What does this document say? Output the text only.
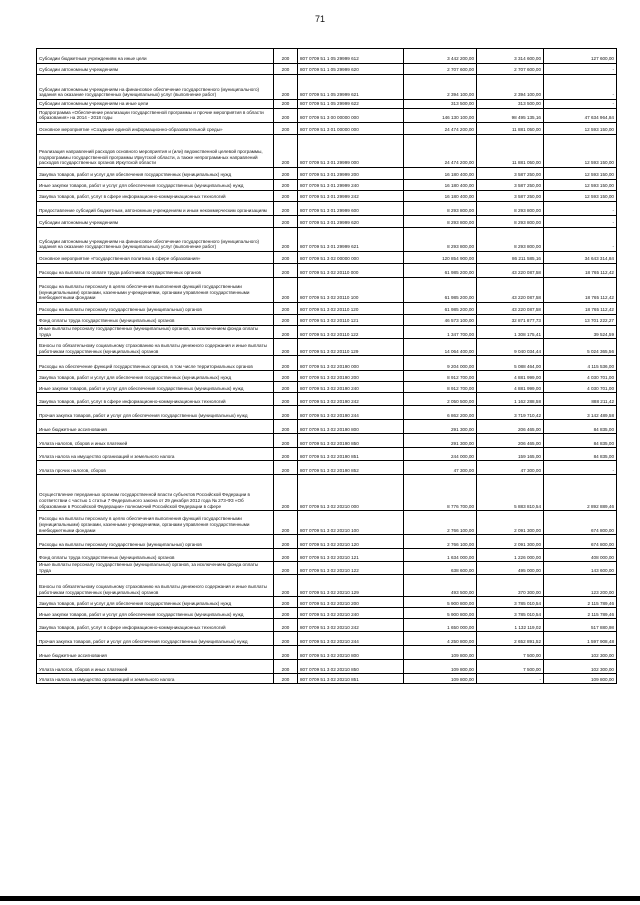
71
Субсидии бюджетным учреждениям на иные цели	200	807 0709 51 1 05 29999 612	3 442 200,00	3 314 600,00	127 600,00
Субсидии автономным учреждениям	200	807 0709 51 1 05 29999 620	2 707 600,00	2 707 600,00	-
Субсидии автономным учреждениям на финансовое обеспечение государственного (муниципального) задания на оказание государственных (муниципальных) услуг (выполнение работ)	200	807 0709 51 1 05 29999 621	2 394 100,00	2 394 100,00	-
Субсидии автономным учреждениям на иные цели	200	807 0709 51 1 05 29999 622	313 500,00	313 500,00	-
Подпрограмма «Обеспечение реализации государственной программы и прочие мероприятия в области образования» на 2014 - 2018 годы	200	807 0709 51 3 00 00000 000	146 130 100,00	98 495 135,16	47 634 964,84
Основное мероприятие «Создание единой информационно-образовательной среды»	200	807 0709 51 3 01 00000 000	24 474 200,00	11 881 050,00	12 593 150,00
Реализация направлений расходов основного мероприятия и (или) ведомственной целевой программы, подпрограммы государственной программы Иркутской области, а также непрограммных направлений расходов государственных органов Иркутской области	200	807 0709 51 3 01 29999 000	24 474 200,00	11 881 050,00	12 593 150,00
Закупка товаров, работ и услуг для обеспечения государственных (муниципальных) нужд	200	807 0709 51 3 01 29999 200	16 180 400,00	3 587 250,00	12 593 150,00
Иные закупки товаров, работ и услуг для обеспечения государственных (муниципальных) нужд	200	807 0709 51 3 01 29999 240	16 180 400,00	3 587 250,00	12 593 150,00
Закупка товаров, работ, услуг в сфере информационно-коммуникационных технологий	200	807 0709 51 3 01 29999 242	16 180 400,00	3 587 250,00	12 593 150,00
Предоставление субсидий бюджетным, автономным учреждениям и иным некоммерческим организациям	200	807 0709 51 3 01 29999 600	8 293 800,00	8 293 800,00	-
Субсидии автономным учреждениям	200	807 0709 51 3 01 29999 620	8 293 800,00	8 293 800,00	-
Субсидии автономным учреждениям на финансовое обеспечение государственного (муниципального) задания на оказание государственных (муниципальных) услуг (выполнение работ)	200	807 0709 51 3 01 29999 621	8 293 800,00	8 293 800,00	-
Основное мероприятие «Государственная политика в сфере образования»	200	807 0709 51 3 02 00000 000	120 854 900,00	86 211 585,16	34 643 314,84
Расходы на выплаты по оплате труда работников государственных органов	200	807 0709 51 3 02 20110 000	61 985 200,00	43 220 087,58	18 765 112,42
Расходы на выплаты персоналу в целях обеспечения выполнения функций государственными (муниципальными) органами, казенными учреждениями, органами управления государственными внебюджетными фондами	200	807 0709 51 3 02 20110 100	61 985 200,00	43 220 087,58	18 765 112,42
Расходы на выплаты персоналу государственных (муниципальных) органов	200	807 0709 51 3 02 20110 120	61 985 200,00	43 220 087,58	18 765 112,42
Фонд оплаты труда государственных (муниципальных) органов	200	807 0709 51 3 02 20110 121	46 573 100,00	32 871 877,73	13 701 222,27
Иные выплаты персоналу государственных (муниципальных) органов, за исключением фонда оплаты труда	200	807 0709 51 3 02 20110 122	1 347 700,00	1 308 175,41	39 524,59
Взносы по обязательному социальному страхованию на выплаты денежного содержания и иные выплаты работникам государственных (муниципальных) органов	200	807 0709 51 3 02 20110 129	14 064 400,00	9 040 034,44	5 024 365,56
Расходы на обеспечение функций государственных органов, в том числе территориальных органов	200	807 0709 51 3 02 20190 000	9 204 000,00	5 088 464,00	4 115 536,00
Закупка товаров, работ и услуг для обеспечения государственных (муниципальных) нужд	200	807 0709 51 3 02 20190 200	8 912 700,00	4 881 999,00	4 030 701,00
Иные закупки товаров, работ и услуг для обеспечения государственных (муниципальных) нужд	200	807 0709 51 3 02 20190 240	8 912 700,00	4 881 999,00	4 030 701,00
Закупка товаров, работ, услуг в сфере информационно-коммуникационных технологий	200	807 0709 51 3 02 20190 242	2 050 500,00	1 162 288,58	888 211,42
Прочая закупка товаров, работ и услуг для обеспечения государственных (муниципальных) нужд	200	807 0709 51 3 02 20190 244	6 862 200,00	3 719 710,42	3 142 489,58
Иные бюджетные ассигнования	200	807 0709 51 3 02 20190 800	291 300,00	206 465,00	84 835,00
Уплата налогов, сборов и иных платежей	200	807 0709 51 3 02 20190 850	291 300,00	206 465,00	84 835,00
Уплата налога на имущество организаций и земельного налога	200	807 0709 51 3 02 20190 851	244 000,00	159 165,00	84 835,00
Уплата прочих налогов, сборов	200	807 0709 51 3 02 20190 852	47 300,00	47 300,00	-
Осуществление переданных органам государственной власти субъектов Российской Федерации в соответствии с частью 1 статьи 7 Федерального закона от 29 декабря 2012 года № 273-ФЗ «Об образовании в Российской Федерации» полномочий Российской Федерации в сфере	200	807 0709 51 3 02 20210 000	8 776 700,00	5 883 810,54	2 892 889,46
Расходы на выплаты персоналу в целях обеспечения выполнения функций государственными (муниципальными) органами, казенными учреждениями, органами управления государственными внебюджетными фондами	200	807 0709 51 3 02 20210 100	2 766 100,00	2 091 300,00	674 800,00
Расходы на выплаты персоналу государственных (муниципальных) органов	200	807 0709 51 3 02 20210 120	2 766 100,00	2 091 300,00	674 800,00
Фонд оплаты труда государственных (муниципальных) органов	200	807 0709 51 3 02 20210 121	1 634 000,00	1 226 000,00	408 000,00
Иные выплаты персоналу государственных (муниципальных) органов, за исключением фонда оплаты труда	200	807 0709 51 3 02 20210 122	638 600,00	495 000,00	143 600,00
Взносы по обязательному социальному страхованию на выплаты денежного содержания и иные выплаты работникам государственных (муниципальных) органов	200	807 0709 51 3 02 20210 129	493 500,00	370 300,00	123 200,00
Закупка товаров, работ и услуг для обеспечения государственных (муниципальных) нужд	200	807 0709 51 3 02 20210 200	5 900 800,00	3 785 010,54	2 115 789,46
Иные закупки товаров, работ и услуг для обеспечения государственных (муниципальных) нужд	200	807 0709 51 3 02 20210 240	5 900 800,00	3 785 010,54	2 115 789,46
Закупка товаров, работ, услуг в сфере информационно-коммуникационных технологий	200	807 0709 51 3 02 20210 242	1 650 000,00	1 132 119,02	517 880,98
Прочая закупка товаров, работ и услуг для обеспечения государственных (муниципальных) нужд	200	807 0709 51 3 02 20210 244	4 250 800,00	2 652 891,52	1 597 908,48
Иные бюджетные ассигнования	200	807 0709 51 3 02 20210 800	109 800,00	7 500,00	102 300,00
Уплата налогов, сборов и иных платежей	200	807 0709 51 3 02 20210 850	109 800,00	7 500,00	102 300,00
Уплата налога на имущество организаций и земельного налога	200	807 0709 51 3 02 20210 851	109 800,00	-	109 800,00
